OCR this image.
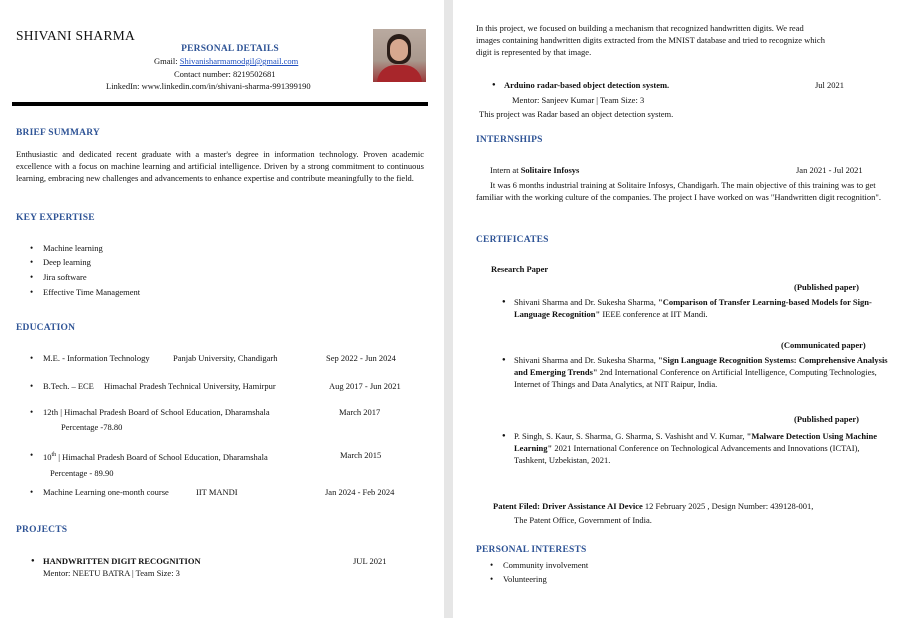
SHIVANI SHARMA
PERSONAL DETAILS
Gmail: Shivanisharmamodgil@gmail.com
Contact number: 8219502681
LinkedIn: www.linkedin.com/in/shivani-sharma-991399190
BRIEF SUMMARY
Enthusiastic and dedicated recent graduate with a master's degree in information technology. Proven academic excellence with a focus on machine learning and artificial intelligence. Driven by a strong commitment to continuous learning, embracing new challenges and advancements to enhance expertise and contribute meaningfully to the field.
KEY EXPERTISE
• Machine learning
• Deep learning
• Jira software
• Effective Time Management
EDUCATION
• M.E. - Information Technology	Panjab University, Chandigarh	Sep 2022 - Jun 2024
• B.Tech. – ECE Himachal Pradesh Technical University, Hamirpur	Aug 2017 - Jun 2021
• 12th | Himachal Pradesh Board of School Education, Dharamshala	March 2017
Percentage -78.80
• 10th | Himachal Pradesh Board of School Education, Dharamshala	March 2015
Percentage - 89.90
• Machine Learning one-month course	IIT MANDI	Jan 2024 - Feb 2024
PROJECTS
● HANDWRITTEN DIGIT RECOGNITION	JUL 2021
Mentor: NEETU BATRA | Team Size: 3
In this project, we focused on building a mechanism that recognized handwritten digits. We read images containing handwritten digits extracted from the MNIST database and tried to recognize which digit is represented by that image.
● Arduino radar-based object detection system.	Jul 2021
Mentor: Sanjeev Kumar | Team Size: 3
This project was Radar based an object detection system.
INTERNSHIPS
Intern at Solitaire Infosys	Jan 2021 - Jul 2021
It was 6 months industrial training at Solitaire Infosys, Chandigarh. The main objective of this training was to get familiar with the working culture of the companies. The project I have worked on was "Handwritten digit recognition".
CERTIFICATES
Research Paper
(Published paper)
● Shivani Sharma and Dr. Sukesha Sharma, "Comparison of Transfer Learning-based Models for Sign-Language Recognition" IEEE conference at IIT Mandi.
(Communicated paper)
● Shivani Sharma and Dr. Sukesha Sharma, "Sign Language Recognition Systems: Comprehensive Analysis and Emerging Trends" 2nd International Conference on Artificial Intelligence, Computing Technologies, Internet of Things and Data Analytics, at NIT Raipur, India.
(Published paper)
● P. Singh, S. Kaur, S. Sharma, G. Sharma, S. Vashisht and V. Kumar, "Malware Detection Using Machine Learning" 2021 International Conference on Technological Advancements and Innovations (ICTAI), Tashkent, Uzbekistan, 2021.
Patent Filed: Driver Assistance AI Device 12 February 2025 , Design Number: 439128-001,
The Patent Office, Government of India.
PERSONAL INTERESTS
• Community involvement
• Volunteering
